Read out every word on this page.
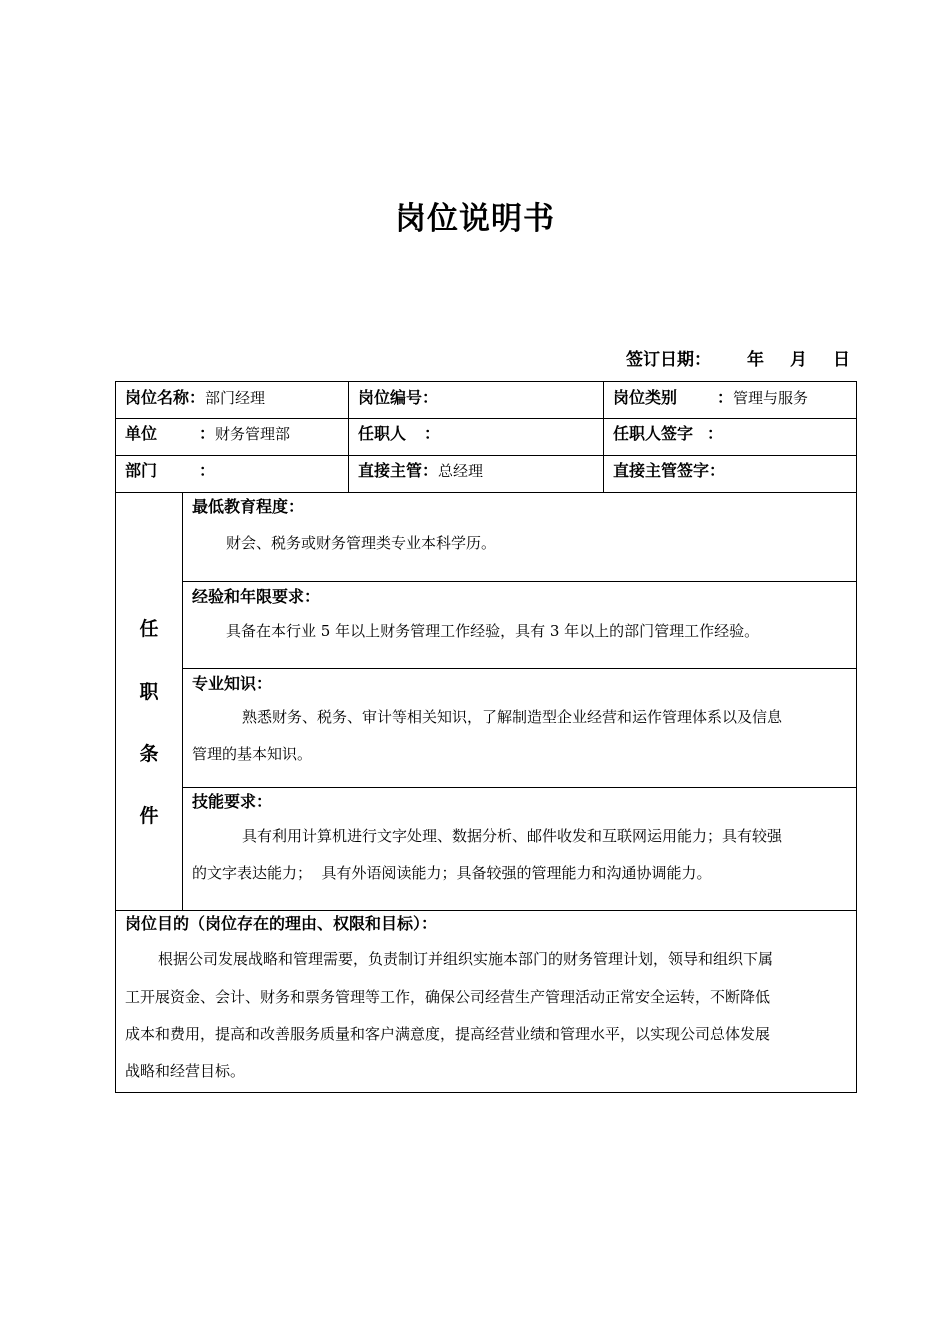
岗位说明书
签订日期： 年 月 日
岗位名称：部门经理	岗位编号：	岗位类别	：管理与服务
单位	：财务管理部	任职人 ：	任职人签字 ：
部门	：	直接主管：总经理	直接主管签字：
任
职
条
件
最低教育程度：
财会、税务或财务管理类专业本科学历。
经验和年限要求：
具备在本行业 5 年以上财务管理工作经验，具有 3 年以上的部门管理工作经验。
专业知识：
熟悉财务、税务、审计等相关知识，了解制造型企业经营和运作管理体系以及信息
管理的基本知识。
技能要求：
具有利用计算机进行文字处理、数据分析、邮件收发和互联网运用能力；具有较强
的文字表达能力；  具有外语阅读能力；具备较强的管理能力和沟通协调能力。
岗位目的（岗位存在的理由、权限和目标）：
根据公司发展战略和管理需要，负责制订并组织实施本部门的财务管理计划，领导和组织下属
工开展资金、会计、财务和票务管理等工作，确保公司经营生产管理活动正常安全运转，不断降低
成本和费用，提高和改善服务质量和客户满意度，提高经营业绩和管理水平，以实现公司总体发展
战略和经营目标。
